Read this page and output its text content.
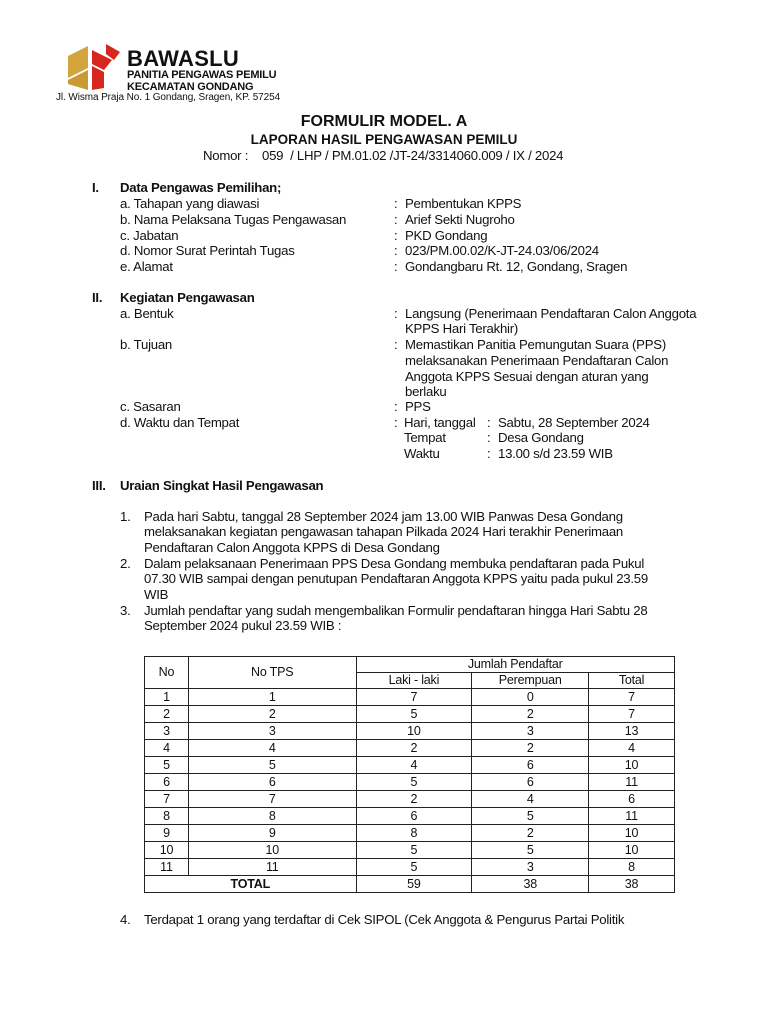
BAWASLU
PANITIA PENGAWAS PEMILU
KECAMATAN GONDANG
Jl. Wisma Praja No. 1 Gondang, Sragen, KP. 57254
FORMULIR MODEL. A
LAPORAN HASIL PENGAWASAN PEMILU
Nomor : 059  / LHP / PM.01.02 /JT-24/3314060.009 / IX / 2024
I. Data Pengawas Pemilihan;
a. Tahapan yang diawasi	: Pembentukan KPPS
b. Nama Pelaksana Tugas Pengawasan	: Arief Sekti Nugroho
c. Jabatan	: PKD Gondang
d. Nomor Surat Perintah Tugas	: 023/PM.00.02/K-JT-24.03/06/2024
e. Alamat	: Gondangbaru Rt. 12, Gondang, Sragen
II. Kegiatan Pengawasan
a. Bentuk	: Langsung (Penerimaan Pendaftaran Calon Anggota
KPPS Hari Terakhir)
b. Tujuan	: Memastikan Panitia Pemungutan Suara (PPS)
melaksanakan Penerimaan Pendaftaran Calon
Anggota KPPS Sesuai dengan aturan yang
berlaku
c. Sasaran	: PPS
d. Waktu dan Tempat	: Hari, tanggal : Sabtu, 28 September 2024
Tempat	: Desa Gondang
Waktu	: 13.00 s/d 23.59 WIB
III. Uraian Singkat Hasil Pengawasan
1. Pada hari Sabtu, tanggal 28 September 2024 jam 13.00 WIB Panwas Desa Gondang
melaksanakan kegiatan pengawasan tahapan Pilkada 2024 Hari terakhir Penerimaan
Pendaftaran Calon Anggota KPPS di Desa Gondang
2. Dalam pelaksanaan Penerimaan PPS Desa Gondang membuka pendaftaran pada Pukul
07.30 WIB sampai dengan penutupan Pendaftaran Anggota KPPS yaitu pada pukul 23.59
WIB
3. Jumlah pendaftar yang sudah mengembalikan Formulir pendaftaran hingga Hari Sabtu 28
September 2024 pukul 23.59 WIB :
No	No TPS	Jumlah Pendaftar		
		Laki - laki	Perempuan	Total
1	1	7	0	7
2	2	5	2	7
3	3	10	3	13
4	4	2	2	4
5	5	4	6	10
6	6	5	6	11
7	7	2	4	6
8	8	6	5	11
9	9	8	2	10
10	10	5	5	10
11	11	5	3	8
TOTAL		59	38	38
4. Terdapat 1 orang yang terdaftar di Cek SIPOL (Cek Anggota & Pengurus Partai Politik
